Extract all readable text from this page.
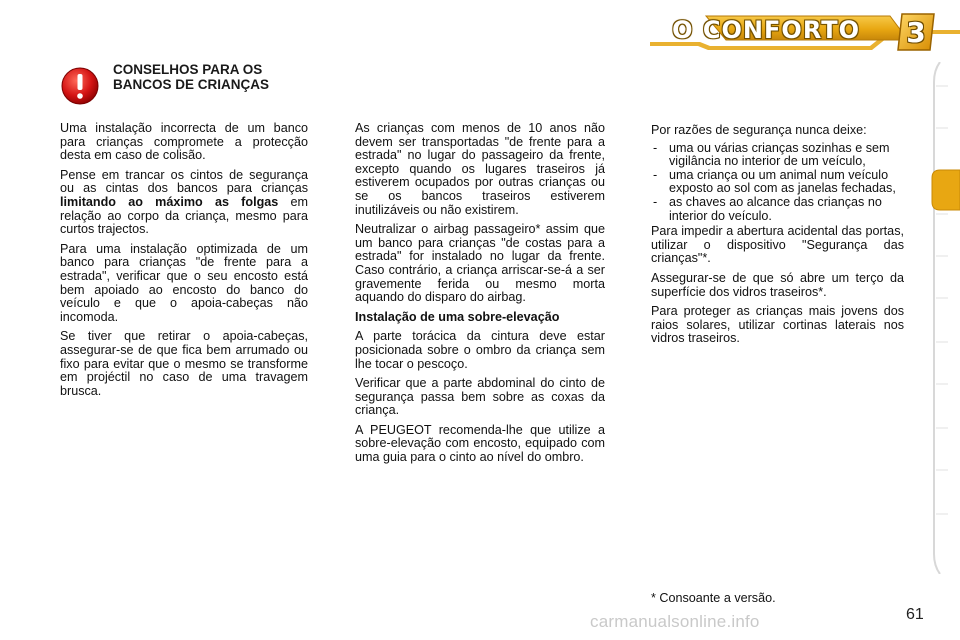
O CONFORTO	3
CONSELHOS PARA OS BANCOS DE CRIANÇAS

Uma instalação incorrecta de um banco para crianças compromete a protecção desta em caso de colisão.

Pense em trancar os cintos de segurança ou as cintas dos bancos para crianças limitando ao máximo as folgas em relação ao corpo da criança, mesmo para curtos trajectos.

Para uma instalação optimizada de um banco para crianças "de frente para a estrada", verificar que o seu encosto está bem apoiado ao encosto do banco do veículo e que o apoia-cabeças não incomoda.

Se tiver que retirar o apoia-cabeças, assegurar-se de que fica bem arrumado ou fixo para evitar que o mesmo se transforme em projéctil no caso de uma travagem brusca.

As crianças com menos de 10 anos não devem ser transportadas "de frente para a estrada" no lugar do passageiro da frente, excepto quando os lugares traseiros já estiverem ocupados por outras crianças ou se os bancos traseiros estiverem inutilizáveis ou não existirem.

Neutralizar o airbag passageiro* assim que um banco para crianças "de costas para a estrada" for instalado no lugar da frente. Caso contrário, a criança arriscar-se-á a ser gravemente ferida ou mesmo morta aquando do disparo do airbag.

Instalação de uma sobre-elevação

A parte torácica da cintura deve estar posicionada sobre o ombro da criança sem lhe tocar o pescoço.

Verificar que a parte abdominal do cinto de segurança passa bem sobre as coxas da criança.

A PEUGEOT recomenda-lhe que utilize a sobre-elevação com encosto, equipado com uma guia para o cinto ao nível do ombro.

Por razões de segurança nunca deixe:

- uma ou várias crianças sozinhas e sem vigilância no interior de um veículo,
- uma criança ou um animal num veículo exposto ao sol com as janelas fechadas,
- as chaves ao alcance das crianças no interior do veículo.

Para impedir a abertura acidental das portas, utilizar o dispositivo "Segurança das crianças"*.

Assegurar-se de que só abre um terço da superfície dos vidros traseiros*.

Para proteger as crianças mais jovens dos raios solares, utilizar cortinas laterais nos vidros traseiros.

* Consoante a versão.
carmanualsonline.info	61
